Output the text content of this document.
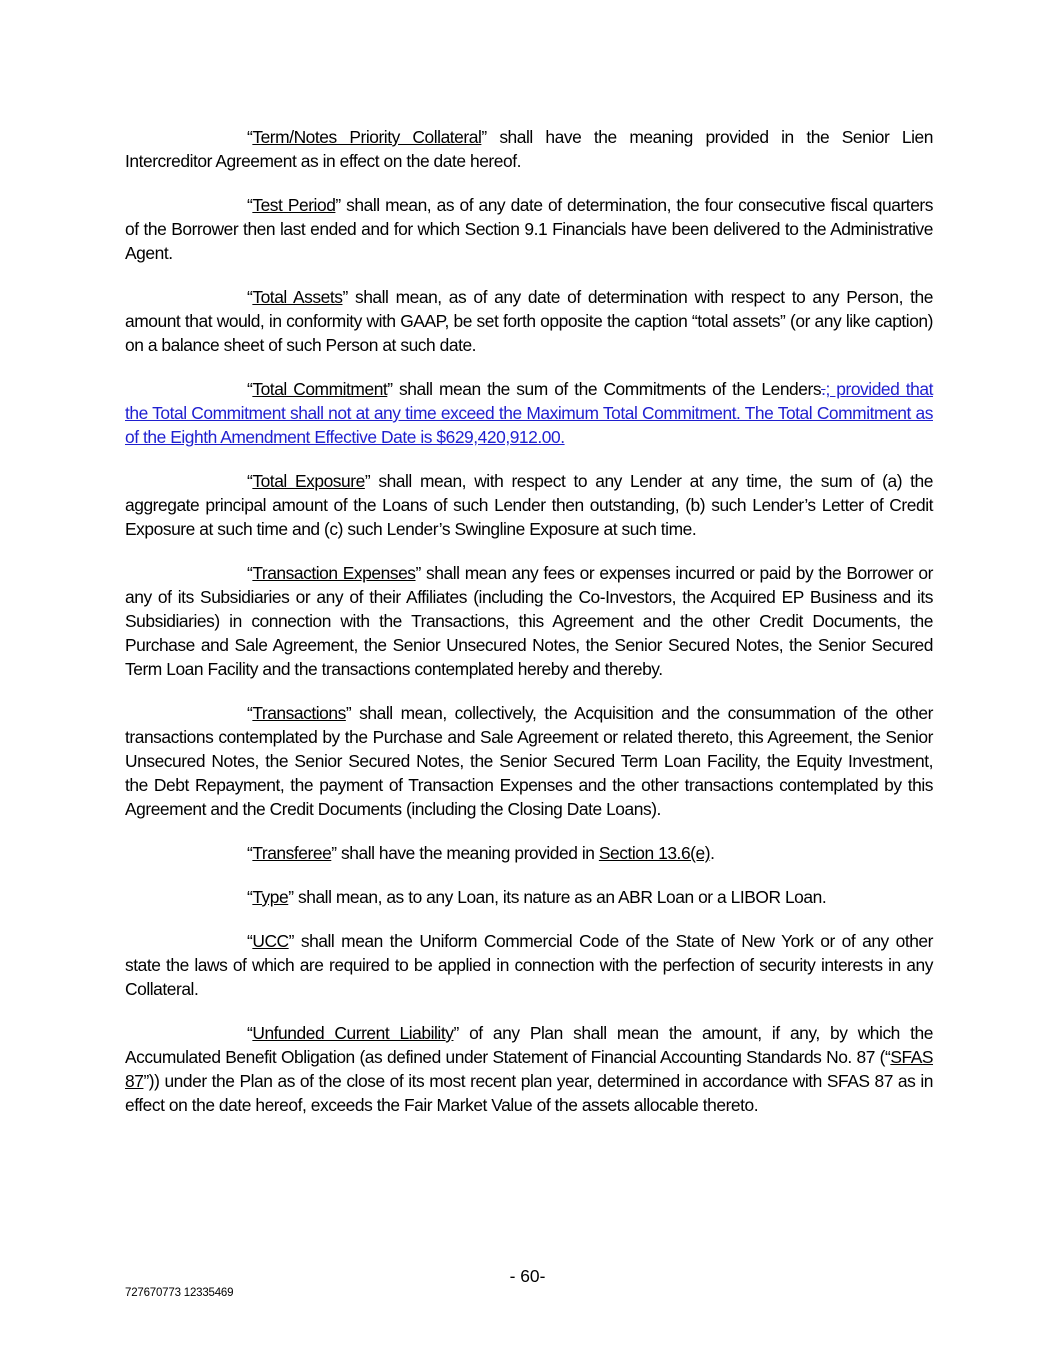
“Term/Notes Priority Collateral” shall have the meaning provided in the Senior Lien Intercreditor Agreement as in effect on the date hereof.

“Test Period” shall mean, as of any date of determination, the four consecutive fiscal quarters of the Borrower then last ended and for which Section 9.1 Financials have been delivered to the Administrative Agent.

“Total Assets” shall mean, as of any date of determination with respect to any Person, the amount that would, in conformity with GAAP, be set forth opposite the caption “total assets” (or any like caption) on a balance sheet of such Person at such date.

“Total Commitment” shall mean the sum of the Commitments of the Lenders.; provided that the Total Commitment shall not at any time exceed the Maximum Total Commitment. The Total Commitment as of the Eighth Amendment Effective Date is $629,420,912.00.

“Total Exposure” shall mean, with respect to any Lender at any time, the sum of (a) the aggregate principal amount of the Loans of such Lender then outstanding, (b) such Lender’s Letter of Credit Exposure at such time and (c) such Lender’s Swingline Exposure at such time.

“Transaction Expenses” shall mean any fees or expenses incurred or paid by the Borrower or any of its Subsidiaries or any of their Affiliates (including the Co-Investors, the Acquired EP Business and its Subsidiaries) in connection with the Transactions, this Agreement and the other Credit Documents, the Purchase and Sale Agreement, the Senior Unsecured Notes, the Senior Secured Notes, the Senior Secured Term Loan Facility and the transactions contemplated hereby and thereby.

“Transactions” shall mean, collectively, the Acquisition and the consummation of the other transactions contemplated by the Purchase and Sale Agreement or related thereto, this Agreement, the Senior Unsecured Notes, the Senior Secured Notes, the Senior Secured Term Loan Facility, the Equity Investment, the Debt Repayment, the payment of Transaction Expenses and the other transactions contemplated by this Agreement and the Credit Documents (including the Closing Date Loans).

“Transferee” shall have the meaning provided in Section 13.6(e).

“Type” shall mean, as to any Loan, its nature as an ABR Loan or a LIBOR Loan.

“UCC” shall mean the Uniform Commercial Code of the State of New York or of any other state the laws of which are required to be applied in connection with the perfection of security interests in any Collateral.

“Unfunded Current Liability” of any Plan shall mean the amount, if any, by which the Accumulated Benefit Obligation (as defined under Statement of Financial Accounting Standards No. 87 (“SFAS 87”)) under the Plan as of the close of its most recent plan year, determined in accordance with SFAS 87 as in effect on the date hereof, exceeds the Fair Market Value of the assets allocable thereto.

- 60-
727670773 12335469
